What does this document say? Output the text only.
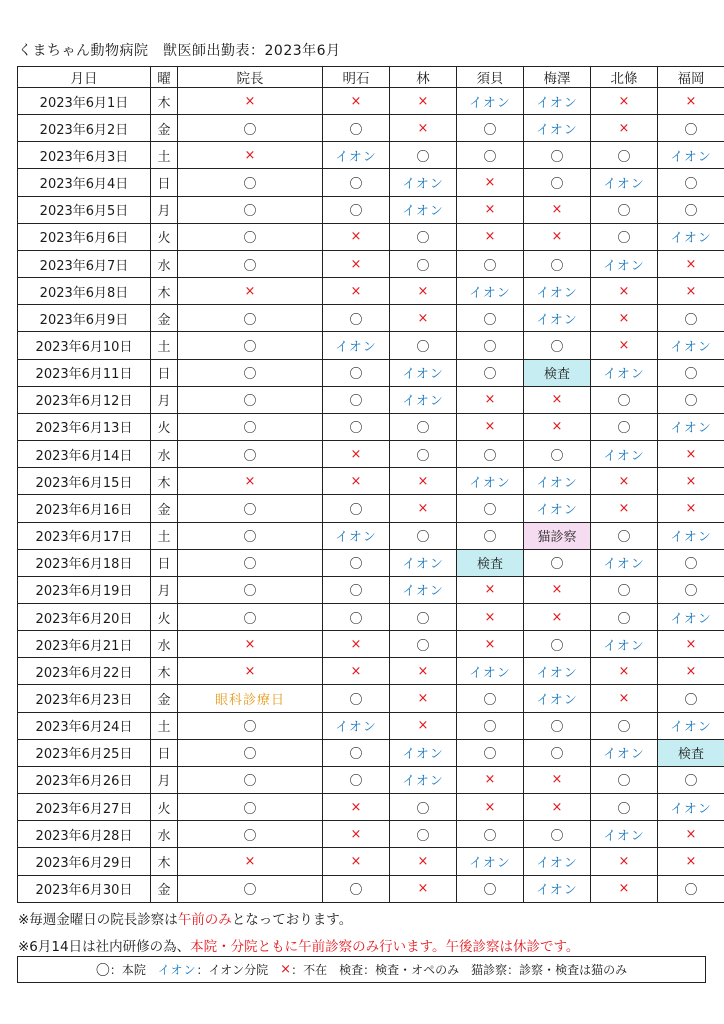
くまちゃん動物病院　獣医師出勤表：2023年6月
月日	曜	院長	明石	林	須貝	梅澤	北條	福岡
2023年6月1日	木	×	×	×	イオン	イオン	×	×
2023年6月2日	金	〇	〇	×	〇	イオン	×	〇
2023年6月3日	土	×	イオン	〇	〇	〇	〇	イオン
2023年6月4日	日	〇	〇	イオン	×	〇	イオン	〇
2023年6月5日	月	〇	〇	イオン	×	×	〇	〇
2023年6月6日	火	〇	×	〇	×	×	〇	イオン
2023年6月7日	水	〇	×	〇	〇	〇	イオン	×
2023年6月8日	木	×	×	×	イオン	イオン	×	×
2023年6月9日	金	〇	〇	×	〇	イオン	×	〇
2023年6月10日	土	〇	イオン	〇	〇	〇	×	イオン
2023年6月11日	日	〇	〇	イオン	〇	検査	イオン	〇
2023年6月12日	月	〇	〇	イオン	×	×	〇	〇
2023年6月13日	火	〇	〇	〇	×	×	〇	イオン
2023年6月14日	水	〇	×	〇	〇	〇	イオン	×
2023年6月15日	木	×	×	×	イオン	イオン	×	×
2023年6月16日	金	〇	〇	×	〇	イオン	×	×
2023年6月17日	土	〇	イオン	〇	〇	猫診察	〇	イオン
2023年6月18日	日	〇	〇	イオン	検査	〇	イオン	〇
2023年6月19日	月	〇	〇	イオン	×	×	〇	〇
2023年6月20日	火	〇	〇	〇	×	×	〇	イオン
2023年6月21日	水	×	×	〇	×	〇	イオン	×
2023年6月22日	木	×	×	×	イオン	イオン	×	×
2023年6月23日	金	眼科診療日	〇	×	〇	イオン	×	〇
2023年6月24日	土	〇	イオン	×	〇	〇	〇	イオン
2023年6月25日	日	〇	〇	イオン	〇	〇	イオン	検査
2023年6月26日	月	〇	〇	イオン	×	×	〇	〇
2023年6月27日	火	〇	×	〇	×	×	〇	イオン
2023年6月28日	水	〇	×	〇	〇	〇	イオン	×
2023年6月29日	木	×	×	×	イオン	イオン	×	×
2023年6月30日	金	〇	〇	×	〇	イオン	×	〇
※毎週金曜日の院長診察は午前のみとなっております。
※6月14日は社内研修の為、本院・分院ともに午前診察のみ行います。午後診察は休診です。
〇 ：本院 イオン ：イオン分院 × ：不在 検査：検査・オペのみ 猫診察：診察・検査は猫のみ
